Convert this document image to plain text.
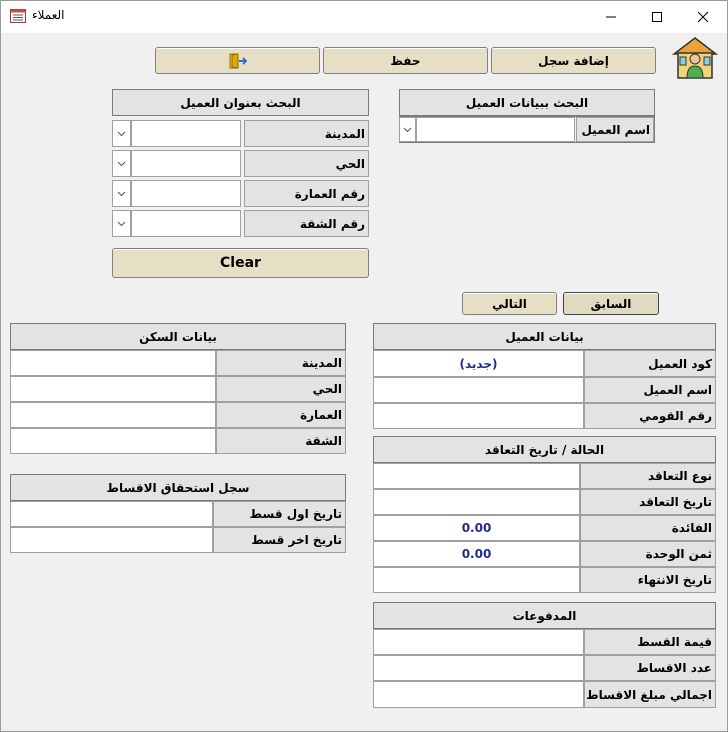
العملاء
إضافة سجل
حفظ
البحث ببيانات العميل
اسم العميل
البحث بعنوان العميل
المدينة
الحي
رقم العمارة
رقم الشقة
Clear
السابق
التالي
بيانات العميل
كود العميل
(جديد)
اسم العميل
رقم القومي
الحالة / تاريخ التعاقد
نوع التعاقد
تاريخ التعاقد
الفائدة
0.00
ثمن الوحدة
0.00
تاريخ الانتهاء
المدفوعات
قيمة القسط
عدد الاقساط
اجمالي مبلغ الاقساط
بيانات السكن
المدينة
الحي
العمارة
الشقة
سجل استحقاق الاقساط
تاريخ اول قسط
تاريخ اخر قسط
